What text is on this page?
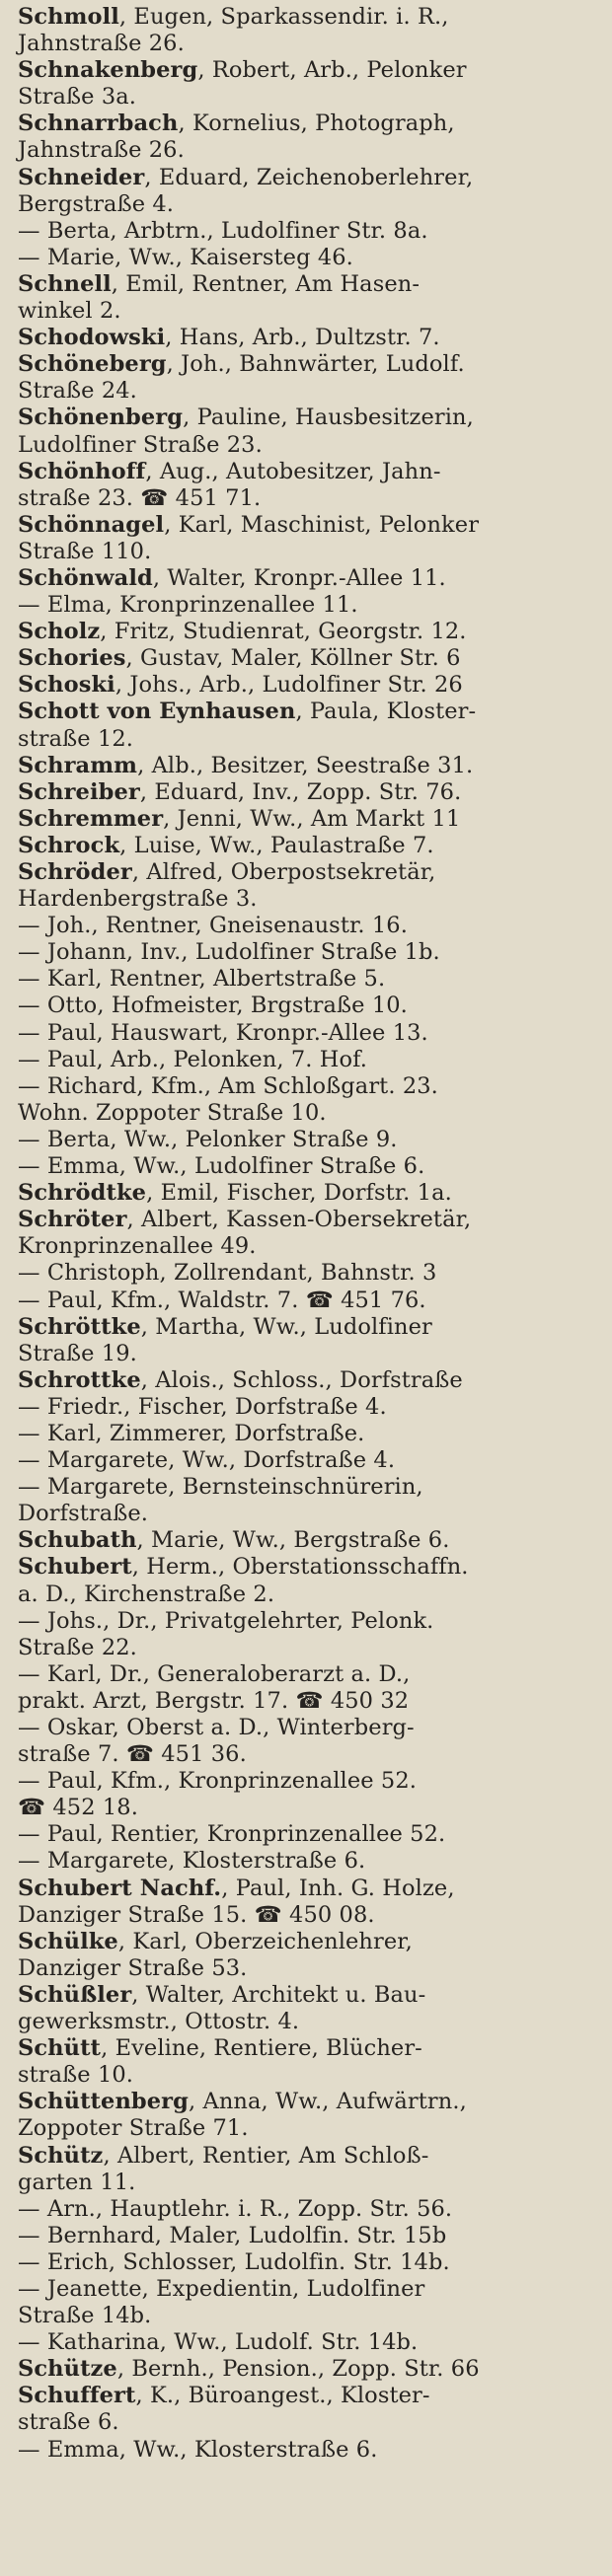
Schmoll, Eugen, Sparkassendir. i. R.,
Jahnstraße 26.
Schnakenberg, Robert, Arb., Pelonker
Straße 3a.
Schnarrbach, Kornelius, Photograph,
Jahnstraße 26.
Schneider, Eduard, Zeichenoberlehrer,
Bergstraße 4.
— Berta, Arbtrn., Ludolfiner Str. 8a.
— Marie, Ww., Kaisersteg 46.
Schnell, Emil, Rentner, Am Hasen-
winkel 2.
Schodowski, Hans, Arb., Dultzstr. 7.
Schöneberg, Joh., Bahnwärter, Ludolf.
Straße 24.
Schönenberg, Pauline, Hausbesitzerin,
Ludolfiner Straße 23.
Schönhoff, Aug., Autobesitzer, Jahn-
straße 23. ☎ 451 71.
Schönnagel, Karl, Maschinist, Pelonker
Straße 110.
Schönwald, Walter, Kronpr.-Allee 11.
— Elma, Kronprinzenallee 11.
Scholz, Fritz, Studienrat, Georgstr. 12.
Schories, Gustav, Maler, Köllner Str. 6
Schoski, Johs., Arb., Ludolfiner Str. 26
Schott von Eynhausen, Paula, Kloster-
straße 12.
Schramm, Alb., Besitzer, Seestraße 31.
Schreiber, Eduard, Inv., Zopp. Str. 76.
Schremmer, Jenni, Ww., Am Markt 11
Schrock, Luise, Ww., Paulastraße 7.
Schröder, Alfred, Oberpostsekretär,
Hardenbergstraße 3.
— Joh., Rentner, Gneisenaustr. 16.
— Johann, Inv., Ludolfiner Straße 1b.
— Karl, Rentner, Albertstraße 5.
— Otto, Hofmeister, Brgstraße 10.
— Paul, Hauswart, Kronpr.-Allee 13.
— Paul, Arb., Pelonken, 7. Hof.
— Richard, Kfm., Am Schloßgart. 23.
Wohn. Zoppoter Straße 10.
— Berta, Ww., Pelonker Straße 9.
— Emma, Ww., Ludolfiner Straße 6.
Schrödtke, Emil, Fischer, Dorfstr. 1a.
Schröter, Albert, Kassen-Obersekretär,
Kronprinzenallee 49.
— Christoph, Zollrendant, Bahnstr. 3
— Paul, Kfm., Waldstr. 7. ☎ 451 76.
Schröttke, Martha, Ww., Ludolfiner
Straße 19.
Schrottke, Alois., Schloss., Dorfstraße
— Friedr., Fischer, Dorfstraße 4.
— Karl, Zimmerer, Dorfstraße.
— Margarete, Ww., Dorfstraße 4.
— Margarete, Bernsteinschnürerin,
Dorfstraße.
Schubath, Marie, Ww., Bergstraße 6.
Schubert, Herm., Oberstationsschaffn.
a. D., Kirchenstraße 2.
— Johs., Dr., Privatgelehrter, Pelonk.
Straße 22.
— Karl, Dr., Generaloberarzt a. D.,
prakt. Arzt, Bergstr. 17. ☎ 450 32
— Oskar, Oberst a. D., Winterberg-
straße 7. ☎ 451 36.
— Paul, Kfm., Kronprinzenallee 52.
☎ 452 18.
— Paul, Rentier, Kronprinzenallee 52.
— Margarete, Klosterstraße 6.
Schubert Nachf., Paul, Inh. G. Holze,
Danziger Straße 15. ☎ 450 08.
Schülke, Karl, Oberzeichenlehrer,
Danziger Straße 53.
Schüßler, Walter, Architekt u. Bau-
gewerksmstr., Ottostr. 4.
Schütt, Eveline, Rentiere, Blücher-
straße 10.
Schüttenberg, Anna, Ww., Aufwärtrn.,
Zoppoter Straße 71.
Schütz, Albert, Rentier, Am Schloß-
garten 11.
— Arn., Hauptlehr. i. R., Zopp. Str. 56.
— Bernhard, Maler, Ludolfin. Str. 15b
— Erich, Schlosser, Ludolfin. Str. 14b.
— Jeanette, Expedientin, Ludolfiner
Straße 14b.
— Katharina, Ww., Ludolf. Str. 14b.
Schütze, Bernh., Pension., Zopp. Str. 66
Schuffert, K., Büroangest., Kloster-
straße 6.
— Emma, Ww., Klosterstraße 6.
